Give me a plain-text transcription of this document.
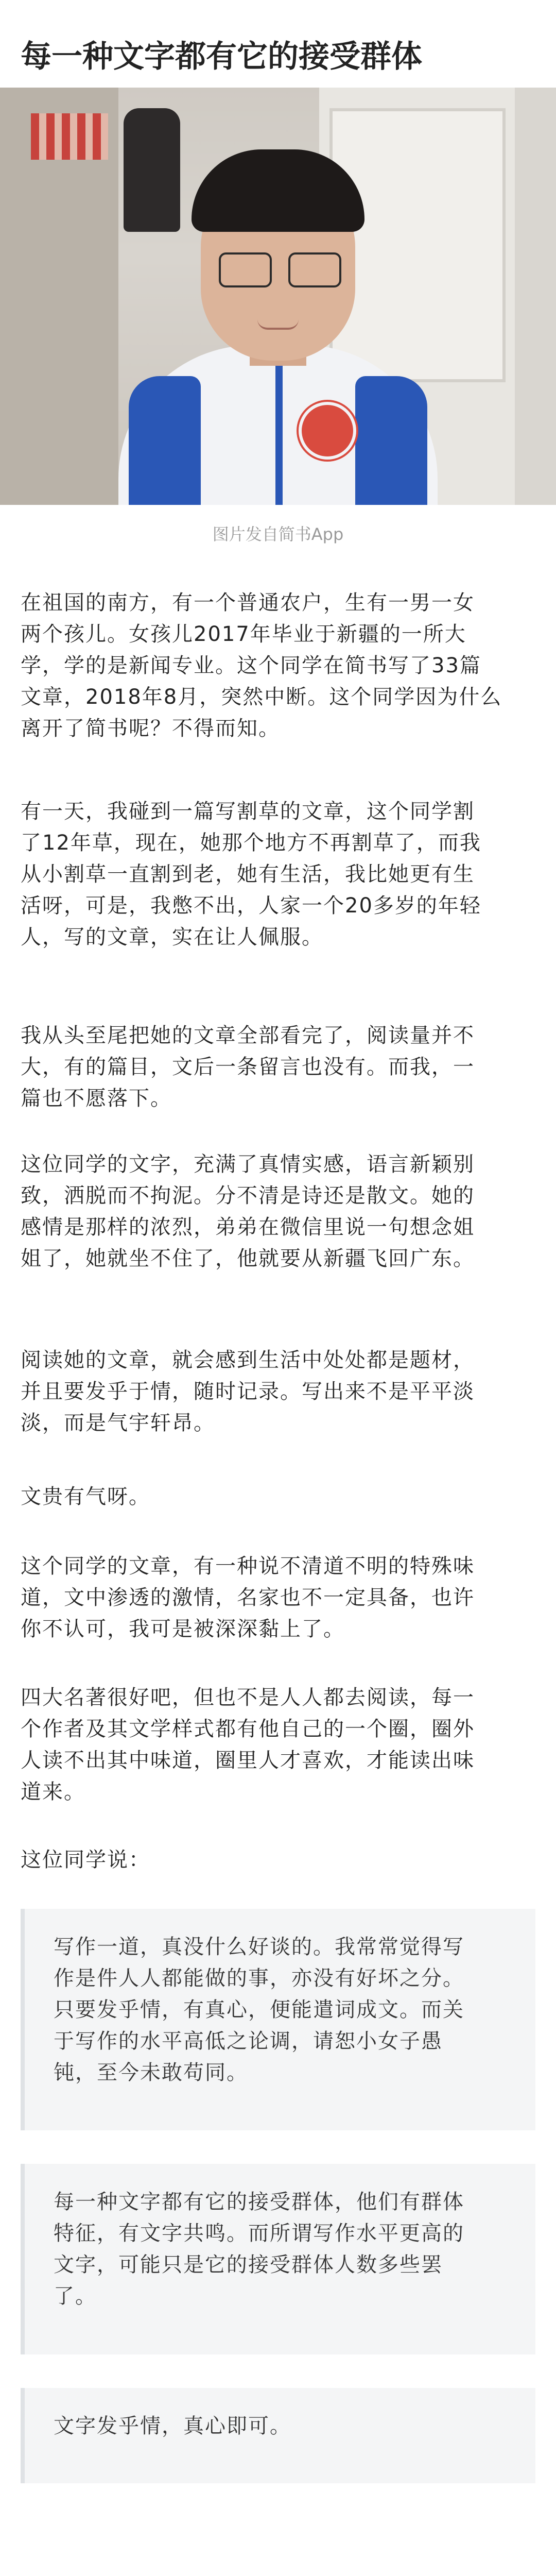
每一种文字都有它的接受群体
图片发自简书App

在祖国的南方，有一个普通农户，生有一男一女
两个孩儿。女孩儿2017年毕业于新疆的一所大
学，学的是新闻专业。这个同学在简书写了33篇
文章，2018年8月，突然中断。这个同学因为什么
离开了简书呢？不得而知。

有一天，我碰到一篇写割草的文章，这个同学割
了12年草，现在，她那个地方不再割草了，而我
从小割草一直割到老，她有生活，我比她更有生
活呀，可是，我憋不出，人家一个20多岁的年轻
人，写的文章，实在让人佩服。

我从头至尾把她的文章全部看完了，阅读量并不
大，有的篇目，文后一条留言也没有。而我，一
篇也不愿落下。

这位同学的文字，充满了真情实感，语言新颖别
致，洒脱而不拘泥。分不清是诗还是散文。她的
感情是那样的浓烈，弟弟在微信里说一句想念姐
姐了，她就坐不住了，他就要从新疆飞回广东。

阅读她的文章，就会感到生活中处处都是题材，
并且要发乎于情，随时记录。写出来不是平平淡
淡，而是气宇轩昂。

文贵有气呀。

这个同学的文章，有一种说不清道不明的特殊味
道，文中渗透的激情，名家也不一定具备，也许
你不认可，我可是被深深黏上了。

四大名著很好吧，但也不是人人都去阅读，每一
个作者及其文学样式都有他自己的一个圈，圈外
人读不出其中味道，圈里人才喜欢，才能读出味
道来。

这位同学说：

写作一道，真没什么好谈的。我常常觉得写
作是件人人都能做的事，亦没有好坏之分。
只要发乎情，有真心，便能遣词成文。而关
于写作的水平高低之论调，请恕小女子愚
钝，至今未敢苟同。

每一种文字都有它的接受群体，他们有群体
特征，有文字共鸣。而所谓写作水平更高的
文字，可能只是它的接受群体人数多些罢
了。

文字发乎情，真心即可。
